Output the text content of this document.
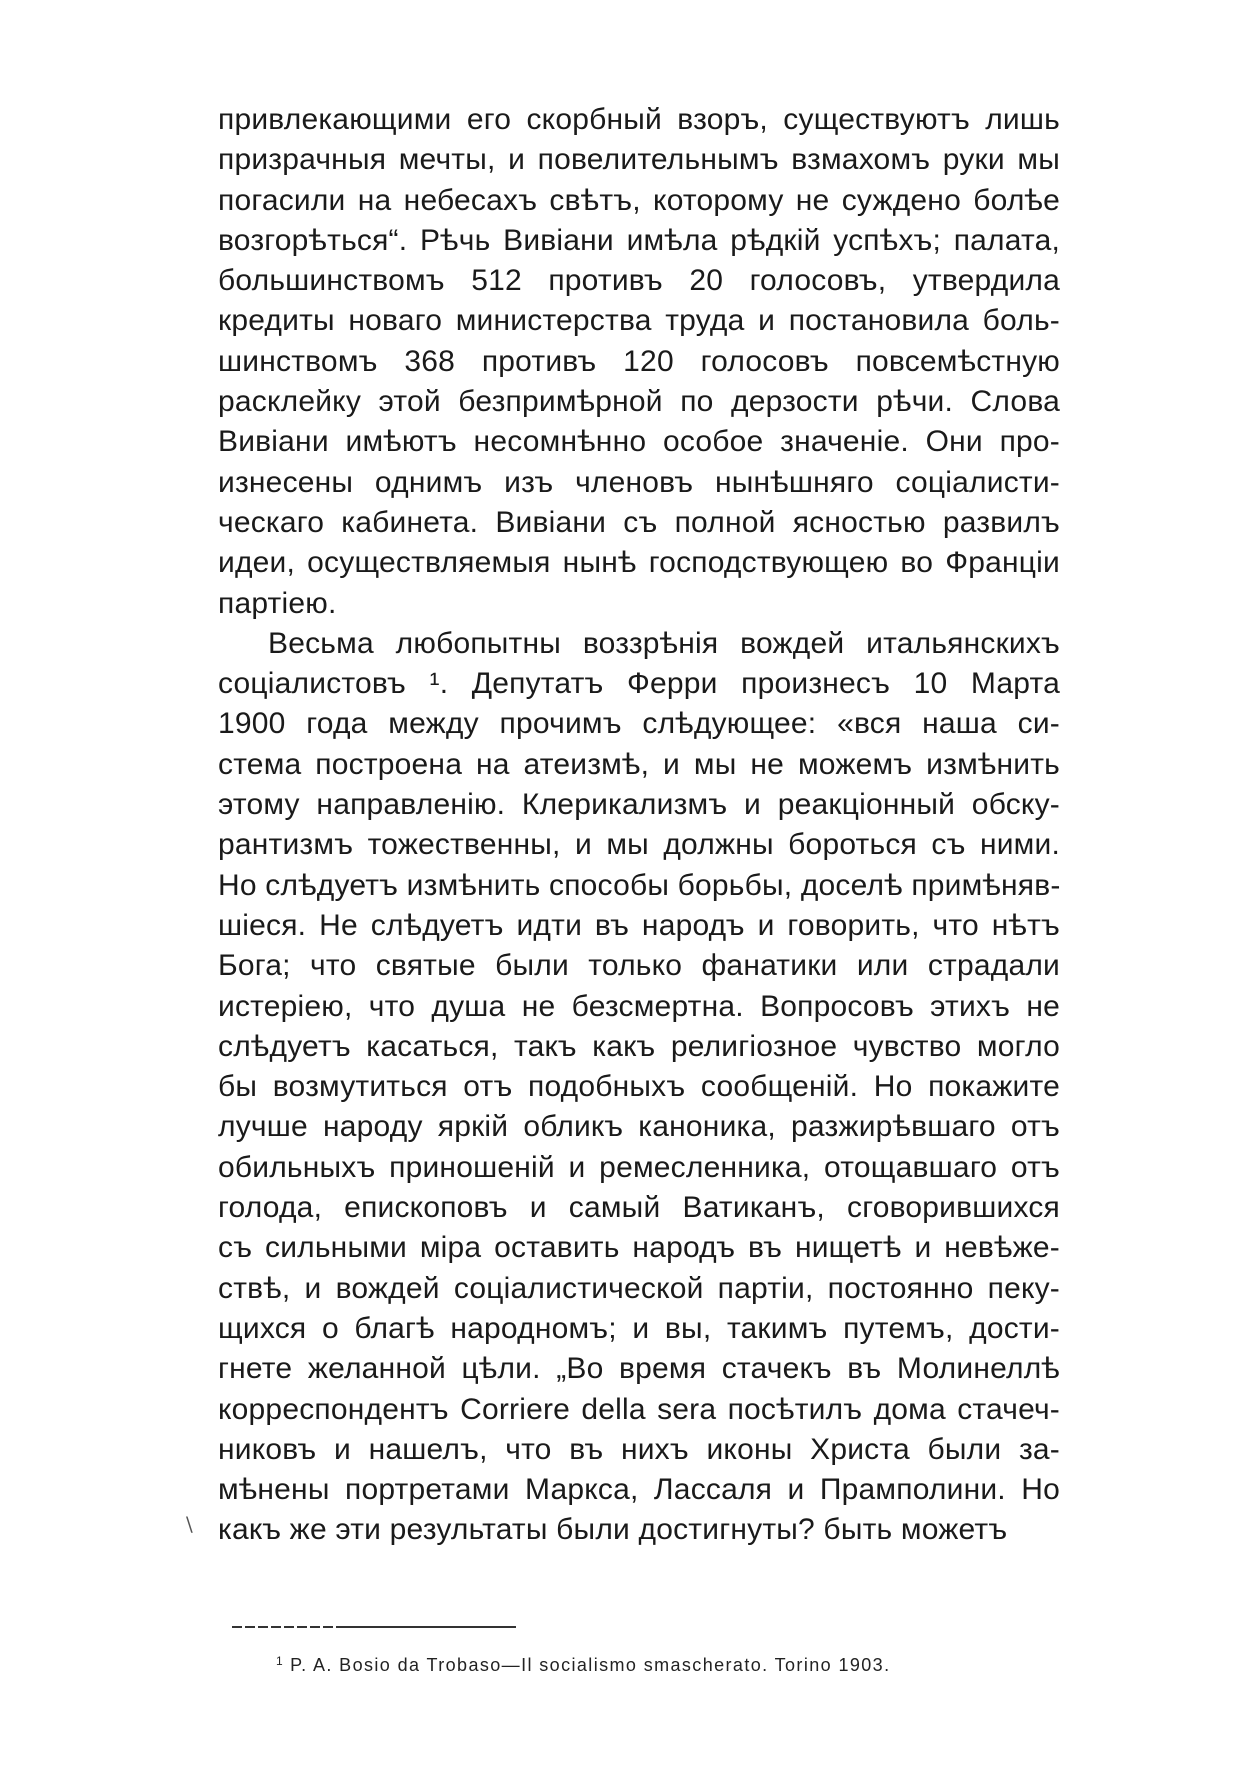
привлекающими его скорбный взоръ, существуютъ лишь
призрачныя мечты, и повелительнымъ взмахомъ руки мы
погасили на небесахъ свѣтъ, которому не суждено болѣе
возгорѣться“. Рѣчь Вивіани имѣла рѣдкій успѣхъ; палата,
большинствомъ 512 противъ 20 голосовъ, утвердила
кредиты новаго министерства труда и постановила боль-
шинствомъ 368 противъ 120 голосовъ повсемѣстную
расклейку этой безпримѣрной по дерзости рѣчи. Слова
Вивіани имѣютъ несомнѣнно особое значеніе. Они про-
изнесены однимъ изъ членовъ нынѣшняго соціалисти-
ческаго кабинета. Вивіани съ полной ясностью развилъ
идеи, осуществляемыя нынѣ господствующею во Франціи
партіею.
Весьма любопытны воззрѣнія вождей итальянскихъ
соціалистовъ ¹. Депутатъ Ферри произнесъ 10 Марта
1900 года между прочимъ слѣдующее: «вся наша си-
стема построена на атеизмѣ, и мы не можемъ измѣнить
этому направленію. Клерикализмъ и реакціонный обску-
рантизмъ тожественны, и мы должны бороться съ ними.
Но слѣдуетъ измѣнить способы борьбы, доселѣ примѣняв-
шіеся. Не слѣдуетъ идти въ народъ и говорить, что нѣтъ
Бога; что святые были только фанатики или страдали
истеріею, что душа не безсмертна. Вопросовъ этихъ не
слѣдуетъ касаться, такъ какъ религіозное чувство могло
бы возмутиться отъ подобныхъ сообщеній. Но покажите
лучше народу яркій обликъ каноника, разжирѣвшаго отъ
обильныхъ приношеній и ремесленника, отощавшаго отъ
голода, епископовъ и самый Ватиканъ, сговорившихся
съ сильными міра оставить народъ въ нищетѣ и невѣже-
ствѣ, и вождей соціалистической партіи, постоянно пеку-
щихся о благѣ народномъ; и вы, такимъ путемъ, дости-
гнете желанной цѣли. „Во время стачекъ въ Молинеллѣ
корреспондентъ Corriere della sera посѣтилъ дома стачеч-
никовъ и нашелъ, что въ нихъ иконы Христа были за-
мѣнены портретами Маркса, Лассаля и Прамполини. Но
какъ же эти результаты были достигнуты? быть можетъ
\
$^1$ P. A. Bosio da Trobaso—Il socialismo smascherato. Torino 1903.
